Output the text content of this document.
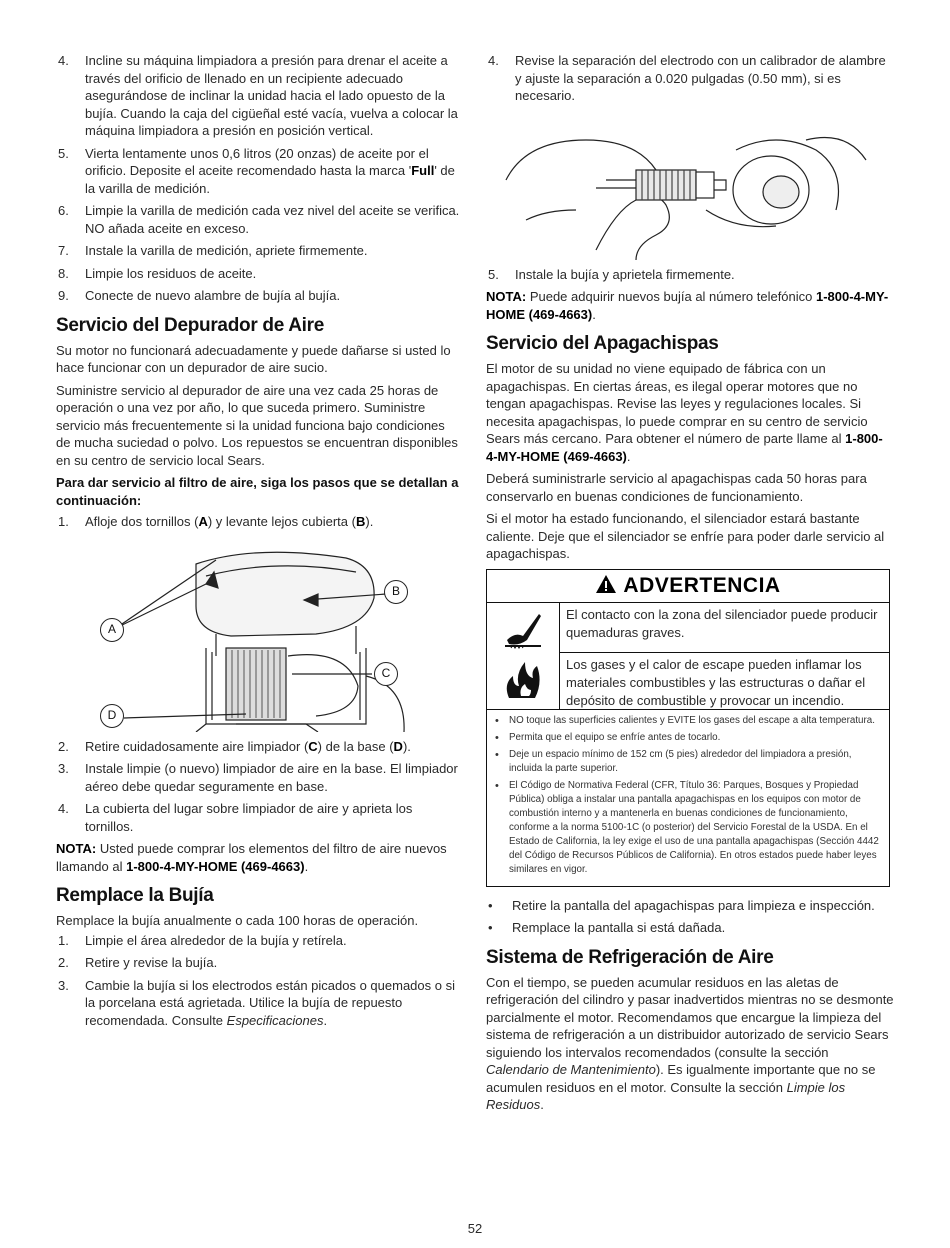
4. Incline su máquina limpiadora a presión para drenar el aceite a través del orificio de llenado en un recipiente adecuado asegurándose de inclinar la unidad hacia el lado opuesto de la bujía. Cuando la caja del cigüeñal esté vacía, vuelva a colocar la máquina limpiadora a presión en posición vertical.
5. Vierta lentamente unos 0,6 litros (20 onzas) de aceite por el orificio. Deposite el aceite recomendado hasta la marca 'Full' de la varilla de medición.
6. Limpie la varilla de medición cada vez nivel del aceite se verifica. NO añada aceite en exceso.
7. Instale la varilla de medición, apriete firmemente.
8. Limpie los residuos de aceite.
9. Conecte de nuevo alambre de bujía al bujía.
Servicio del Depurador de Aire

Su motor no funcionará adecuadamente y puede dañarse si usted lo hace funcionar con un depurador de aire sucio.

Suministre servicio al depurador de aire una vez cada 25 horas de operación o una vez por año, lo que suceda primero. Suministre servicio más frecuentemente si la unidad funciona bajo condiciones de mucha suciedad o polvo. Los repuestos se encuentran disponibles en su centro de servicio local Sears.

Para dar servicio al filtro de aire, siga los pasos que se detallan a continuación:

1. Afloje dos tornillos (A) y levante lejos cubierta (B).
A
B
C
D
2. Retire cuidadosamente aire limpiador (C) de la base (D).
3. Instale limpie (o nuevo) limpiador de aire en la base. El limpiador aéreo debe quedar seguramente en base.
4. La cubierta del lugar sobre limpiador de aire y aprieta los tornillos.

NOTA: Usted puede comprar los elementos del filtro de aire nuevos llamando al 1-800-4-MY-HOME (469-4663).

Remplace la Bujía

Remplace la bujía anualmente o cada 100 horas de operación.

1. Limpie el área alrededor de la bujía y retírela.
2. Retire y revise la bujía.
3. Cambie la bujía si los electrodos están picados o quemados o si la porcelana está agrietada. Utilice la bujía de repuesto recomendada. Consulte Especificaciones.
4. Revise la separación del electrodo con un calibrador de alambre y ajuste la separación a 0.020 pulgadas (0.50 mm), si es necesario.
5. Instale la bujía y aprietela firmemente.

NOTA: Puede adquirir nuevos bujía al número telefónico 1-800-4-MY-HOME (469-4663).

Servicio del Apagachispas

El motor de su unidad no viene equipado de fábrica con un apagachispas. En ciertas áreas, es ilegal operar motores que no tengan apagachispas. Revise las leyes y regulaciones locales. Si necesita apagachispas, lo puede comprar en su centro de servicio Sears más cercano. Para obtener el número de parte llame al 1-800-4-MY-HOME (469-4663).

Deberá suministrarle servicio al apagachispas cada 50 horas para conservarlo en buenas condiciones de funcionamiento.

Si el motor ha estado funcionando, el silenciador estará bastante caliente. Deje que el silenciador se enfríe para poder darle servicio al apagachispas.

ADVERTENCIA
El contacto con la zona del silenciador puede producir quemaduras graves.
Los gases y el calor de escape pueden inflamar los materiales combustibles y las estructuras o dañar el depósito de combustible y provocar un incendio.
• NO toque las superficies calientes y EVITE los gases del escape a alta temperatura.
• Permita que el equipo se enfríe antes de tocarlo.
• Deje un espacio mínimo de 152 cm (5 pies) alrededor del limpiadora a presión, incluida la parte superior.
• El Código de Normativa Federal (CFR, Título 36: Parques, Bosques y Propiedad Pública) obliga a instalar una pantalla apagachispas en los equipos con motor de combustión interno y a mantenerla en buenas condiciones de funcionamiento, conforme a la norma 5100-1C (o posterior) del Servicio Forestal de la USDA. En el Estado de California, la ley exige el uso de una pantalla apagachispas (Sección 4442 del Código de Recursos Públicos de California). En otros estados puede haber leyes similares en vigor.
• Retire la pantalla del apagachispas para limpieza e inspección.
• Remplace la pantalla si está dañada.
Sistema de Refrigeración de Aire

Con el tiempo, se pueden acumular residuos en las aletas de refrigeración del cilindro y pasar inadvertidos mientras no se desmonte parcialmente el motor. Recomendamos que encargue la limpieza del sistema de refrigeración a un distribuidor autorizado de servicio Sears siguiendo los intervalos recomendados (consulte la sección Calendario de Mantenimiento). Es igualmente importante que no se acumulen residuos en el motor. Consulte la sección Limpie los Residuos.

52
